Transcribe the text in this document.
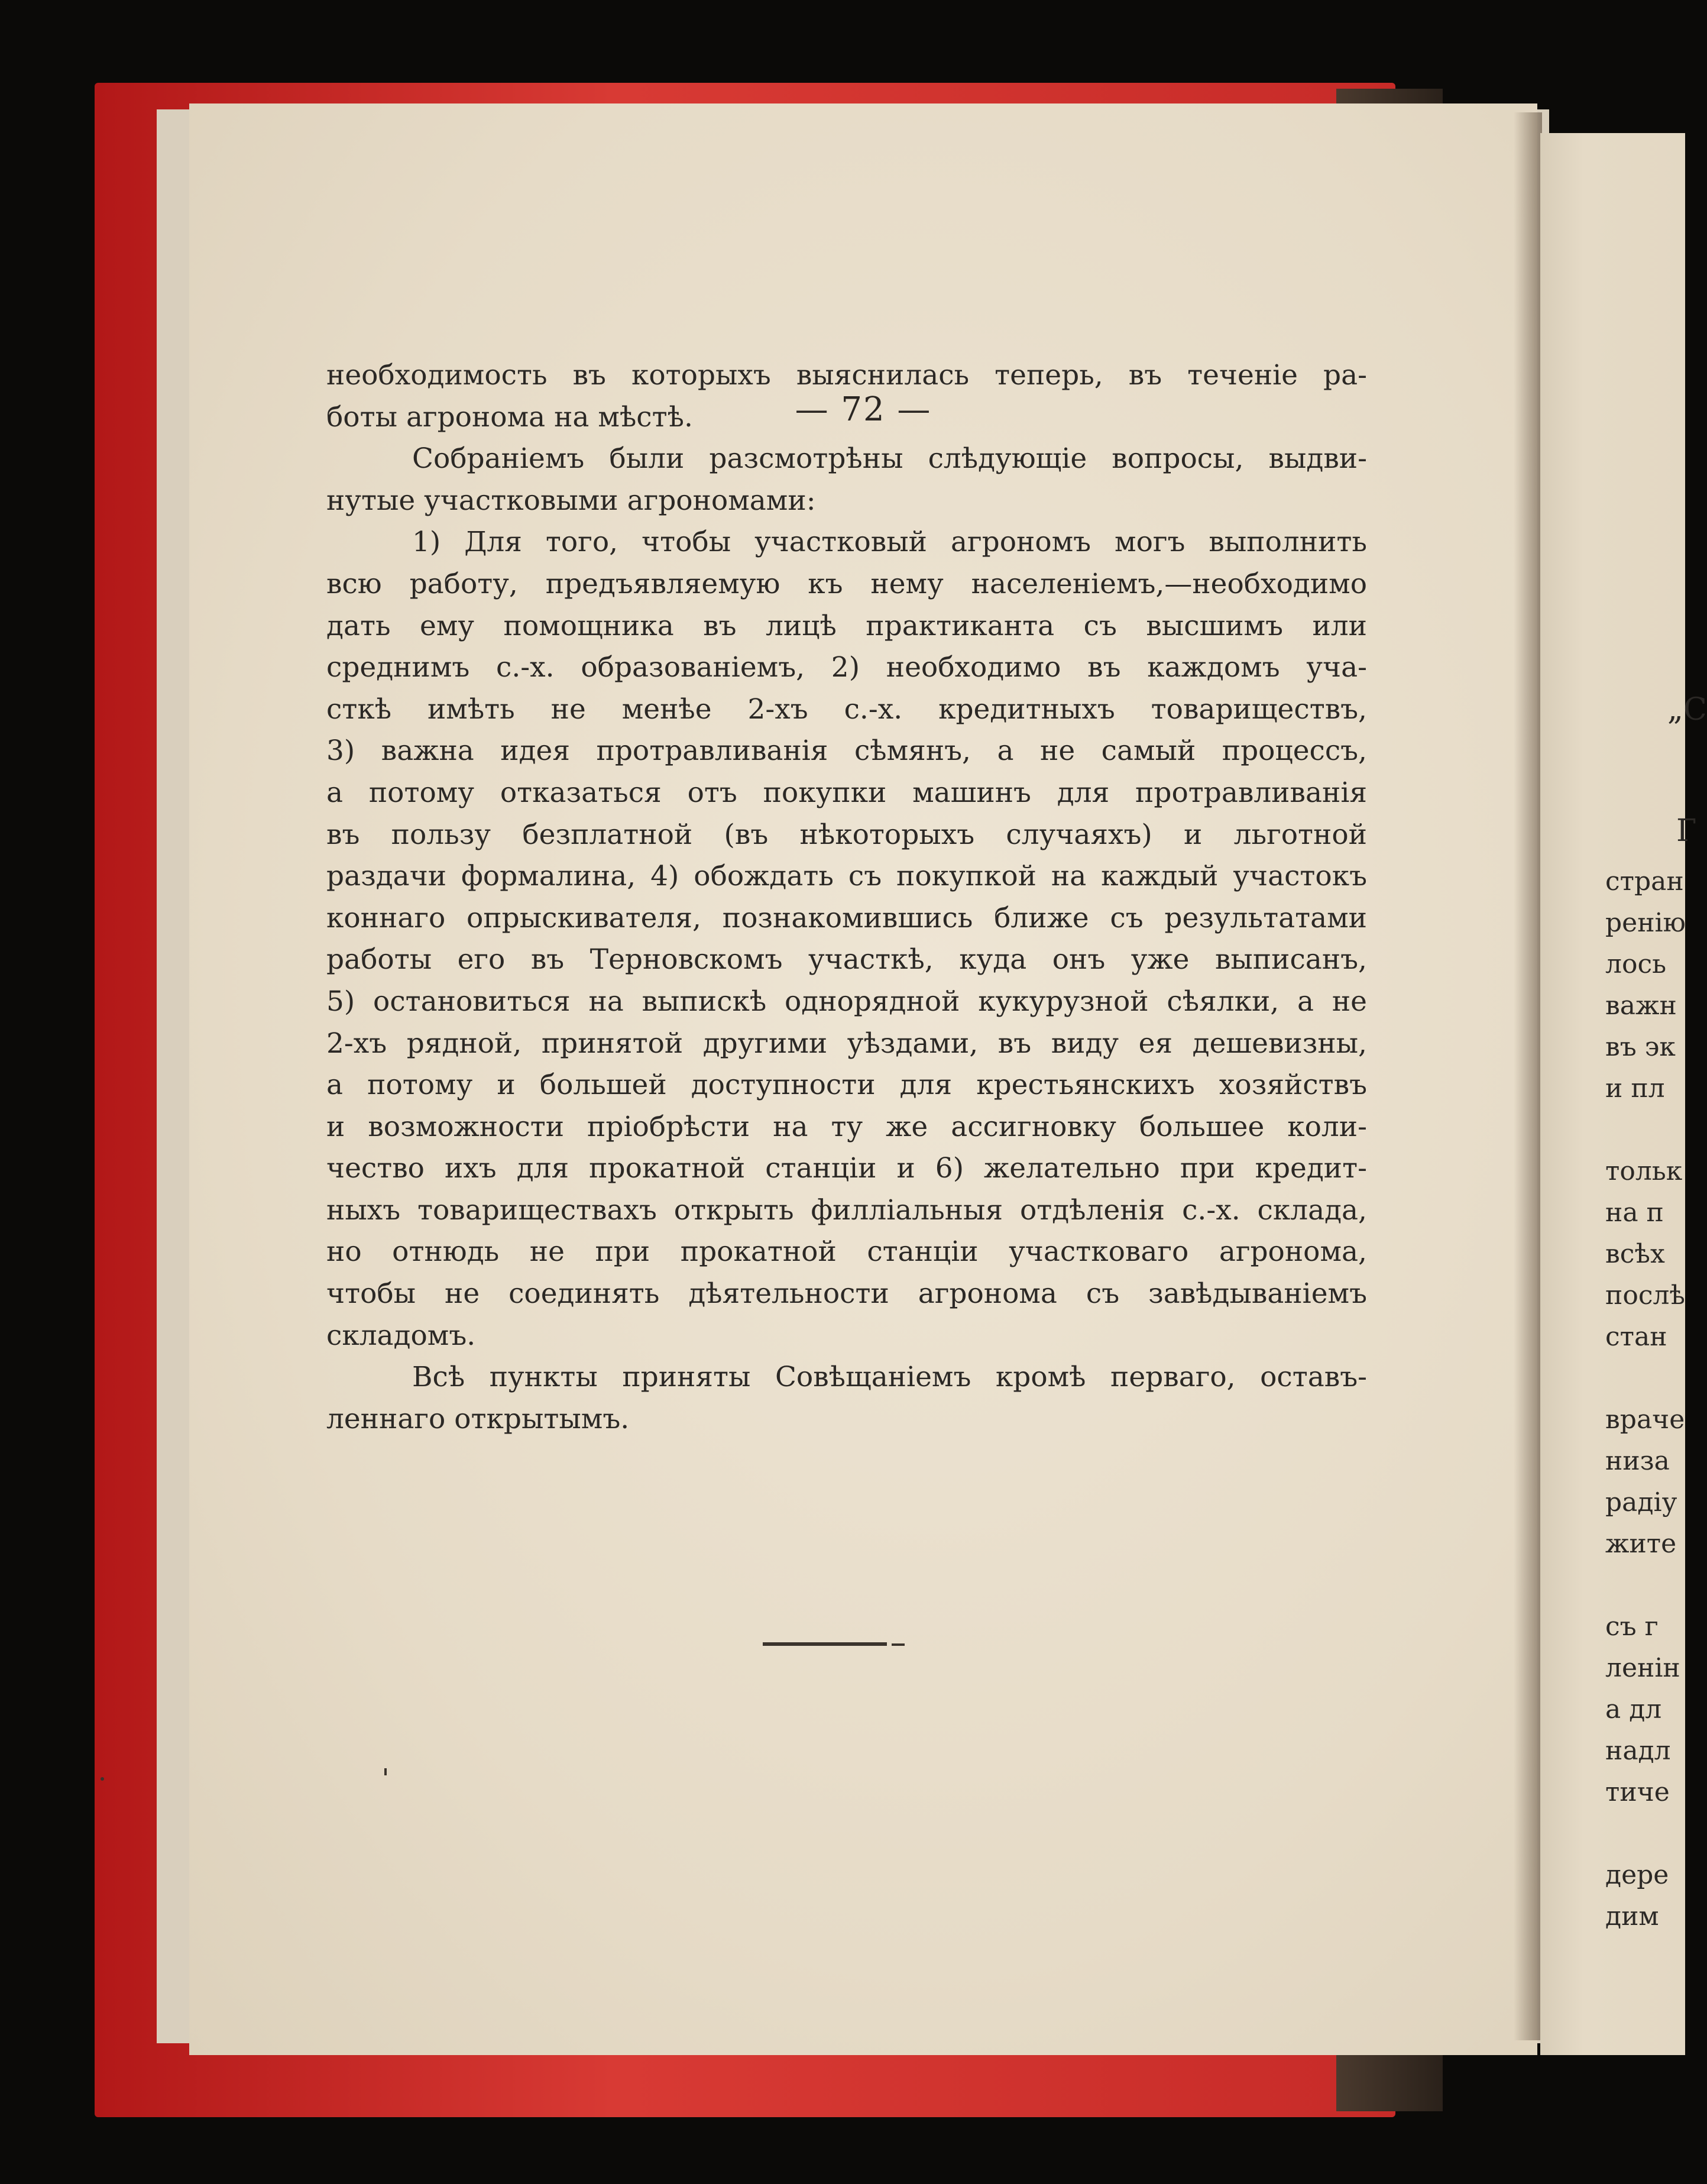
— 72 —
необходимость въ которыхъ выяснилась теперь, въ теченіе ра-
боты агронома на мѣстѣ.
Собраніемъ были разсмотрѣны слѣдующіе вопросы, выдви-
нутые участковыми агрономами:
1) Для того, чтобы участковый агрономъ могъ выполнить
всю работу, предъявляемую къ нему населеніемъ,—необходимо
дать ему помощника въ лицѣ практиканта съ высшимъ или
среднимъ с.-х. образованіемъ, 2) необходимо въ каждомъ уча-
сткѣ имѣть не менѣе 2-хъ с.-х. кредитныхъ товариществъ,
3) важна идея протравливанія сѣмянъ, а не самый процессъ,
а потому отказаться отъ покупки машинъ для протравливанія
въ пользу безплатной (въ нѣкоторыхъ случаяхъ) и льготной
раздачи формалина, 4) обождать съ покупкой на каждый участокъ
коннаго опрыскивателя, познакомившись ближе съ результатами
работы его въ Терновскомъ участкѣ, куда онъ уже выписанъ,
5) остановиться на выпискѣ однорядной кукурузной сѣялки, а не
2-хъ рядной, принятой другими уѣздами, въ виду ея дешевизны,
а потому и большей доступности для крестьянскихъ хозяйствъ
и возможности пріобрѣсти на ту же ассигновку большее коли-
чество ихъ для прокатной станціи и 6) желательно при кредит-
ныхъ товариществахъ открыть филліальныя отдѣленія с.-х. склада,
но отнюдь не при прокатной станціи участковаго агронома,
чтобы не соединять дѣятельности агронома съ завѣдываніемъ
складомъ.
Всѣ пункты приняты Совѣщаніемъ кромѣ перваго, оставъ-
леннаго открытымъ.
„С
Г
стран
ренію
лось
важн
въ эк
и пл
тольк
на п
всѣх
послѣ
стан
враче
низа
радіу
жите
съ г
ленiн
а дл
надл
тиче
дере
дим
